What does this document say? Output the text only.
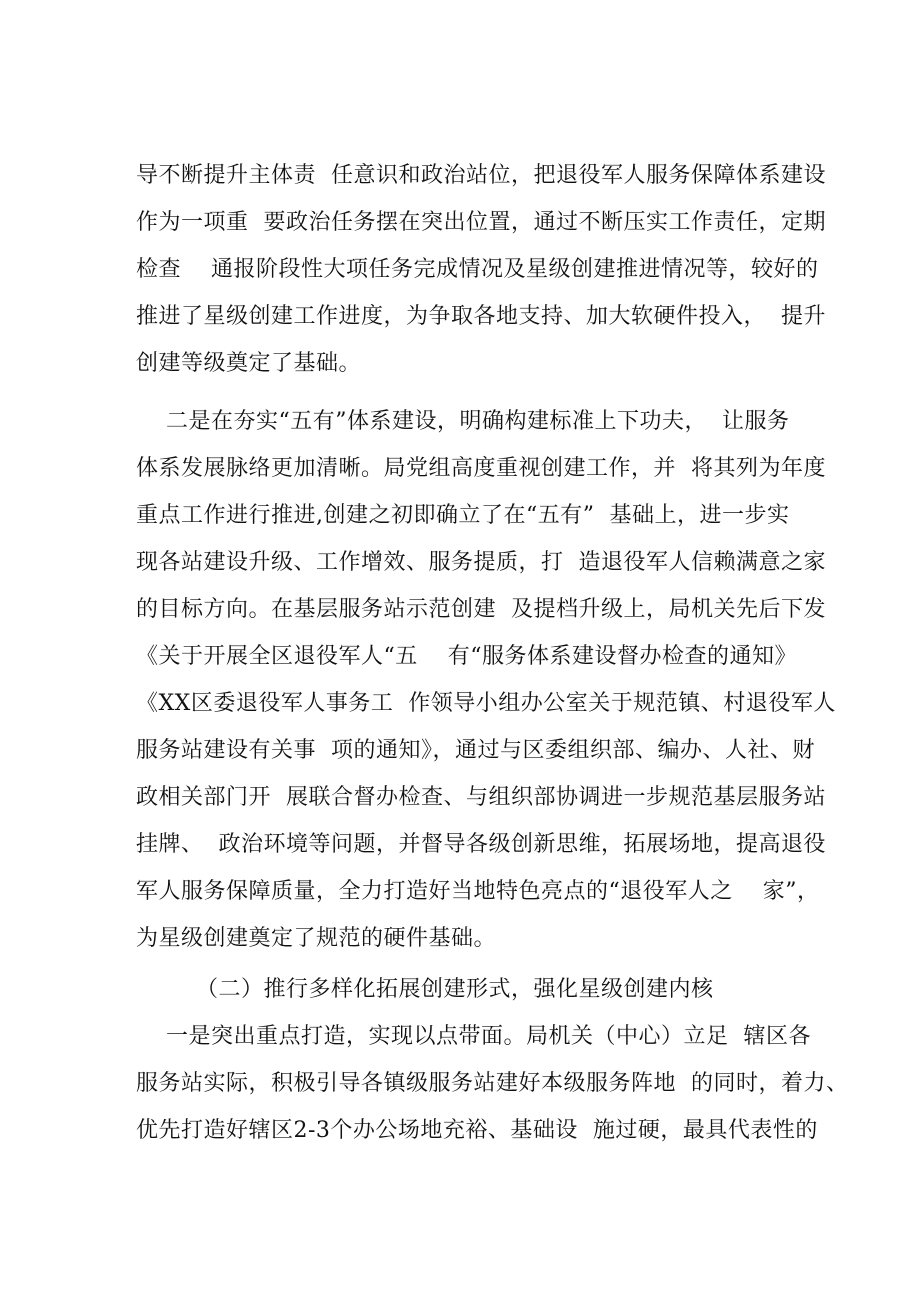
导不断提升主体责  任意识和政治站位，把退役军人服务保障体系建设
作为一项重  要政治任务摆在突出位置，通过不断压实工作责任，定期
检查    通报阶段性大项任务完成情况及星级创建推进情况等，较好的
推进了星级创建工作进度，为争取各地支持、加大软硬件投入，  提升
创建等级奠定了基础。
二是在夯实“五有”体系建设，明确构建标准上下功夫，  让服务
体系发展脉络更加清晰。局党组高度重视创建工作，并  将其列为年度
重点工作进行推进,创建之初即确立了在“五有”  基础上，进一步实
现各站建设升级、工作增效、服务提质，打  造退役军人信赖满意之家
的目标方向。在基层服务站示范创建  及提档升级上，局机关先后下发
《关于开展全区退役军人“五    有“服务体系建设督办检查的通知》
《XX区委退役军人事务工  作领导小组办公室关于规范镇、村退役军人
服务站建设有关事  项的通知》，通过与区委组织部、编办、人社、财
政相关部门开  展联合督办检查、与组织部协调进一步规范基层服务站
挂牌、  政治环境等问题，并督导各级创新思维，拓展场地，提高退役
军人服务保障质量，全力打造好当地特色亮点的“退役军人之    家”，
为星级创建奠定了规范的硬件基础。
（二）推行多样化拓展创建形式，强化星级创建内核
一是突出重点打造，实现以点带面。局机关（中心）立足  辖区各
服务站实际，积极引导各镇级服务站建好本级服务阵地  的同时，着力、
优先打造好辖区2-3个办公场地充裕、基础设  施过硬，最具代表性的
